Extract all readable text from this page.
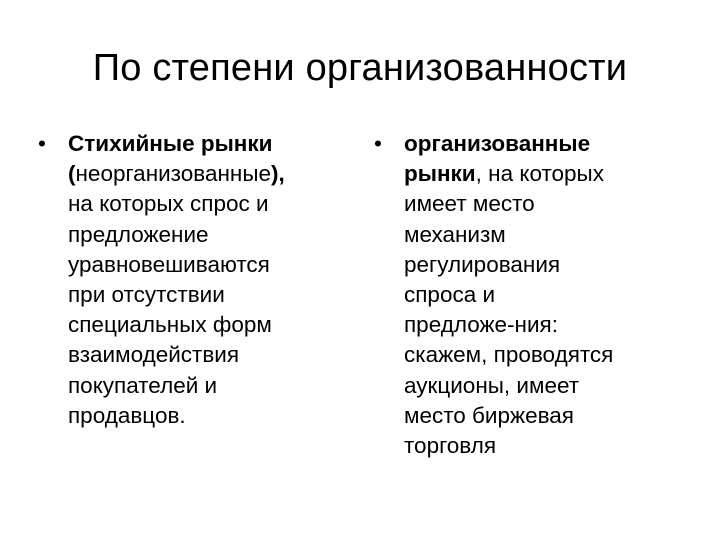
По степени организованности
• Стихийные рынки
(неорганизованные),
на которых спрос и
предложение
уравновешиваются
при отсутствии
специальных форм
взаимодействия
покупателей и
продавцов.
• организованные
рынки, на которых
имеет место
механизм
регулирования
спроса и
предложе-ния:
скажем, проводятся
аукционы, имеет
место биржевая
торговля
